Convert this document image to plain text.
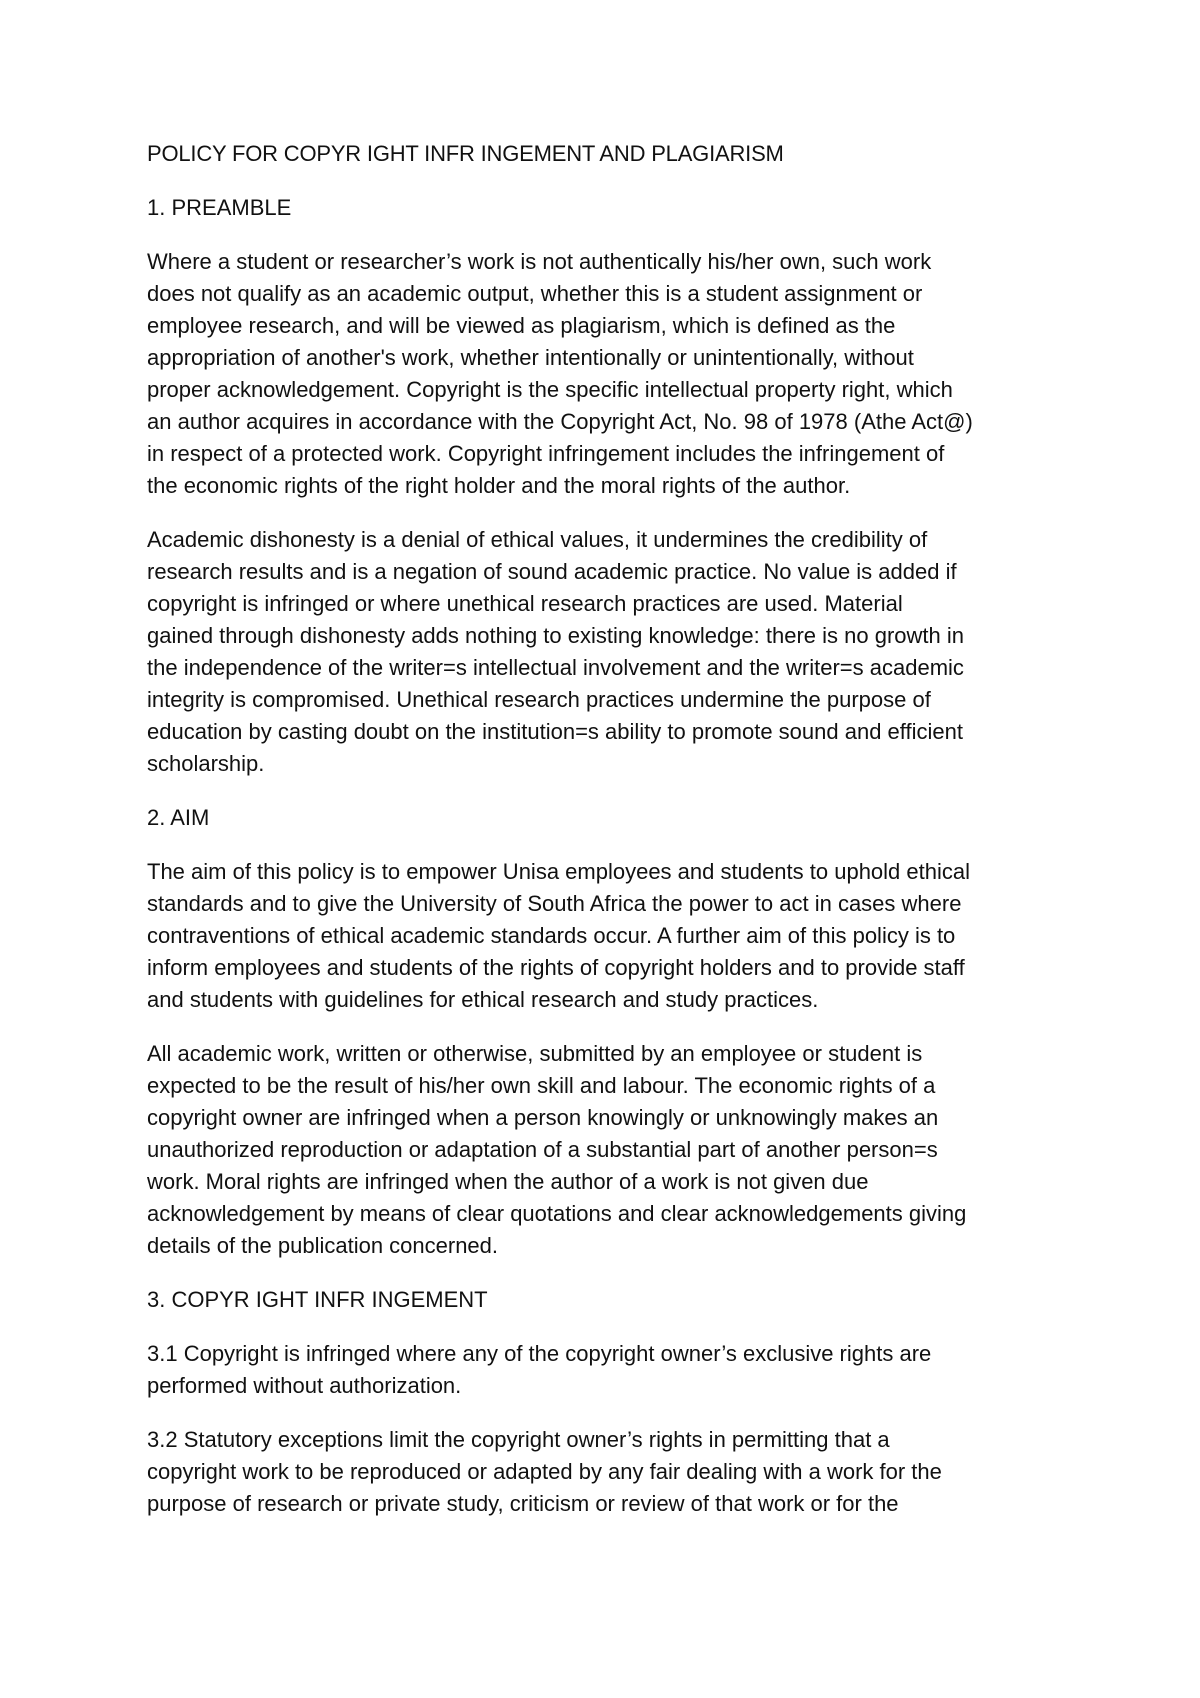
POLICY FOR COPYR IGHT INFR INGEMENT AND PLAGIARISM
1. PREAMBLE

Where a student or researcher’s work is not authentically his/her own, such work
does not qualify as an academic output, whether this is a student assignment or
employee research, and will be viewed as plagiarism, which is defined as the
appropriation of another's work, whether intentionally or unintentionally, without
proper acknowledgement. Copyright is the specific intellectual property right, which
an author acquires in accordance with the Copyright Act, No. 98 of 1978 (Athe Act@)
in respect of a protected work. Copyright infringement includes the infringement of
the economic rights of the right holder and the moral rights of the author.

Academic dishonesty is a denial of ethical values, it undermines the credibility of
research results and is a negation of sound academic practice. No value is added if
copyright is infringed or where unethical research practices are used. Material
gained through dishonesty adds nothing to existing knowledge: there is no growth in
the independence of the writer=s intellectual involvement and the writer=s academic
integrity is compromised. Unethical research practices undermine the purpose of
education by casting doubt on the institution=s ability to promote sound and efficient
scholarship.

2. AIM

The aim of this policy is to empower Unisa employees and students to uphold ethical
standards and to give the University of South Africa the power to act in cases where
contraventions of ethical academic standards occur. A further aim of this policy is to
inform employees and students of the rights of copyright holders and to provide staff
and students with guidelines for ethical research and study practices.

All academic work, written or otherwise, submitted by an employee or student is
expected to be the result of his/her own skill and labour. The economic rights of a
copyright owner are infringed when a person knowingly or unknowingly makes an
unauthorized reproduction or adaptation of a substantial part of another person=s
work. Moral rights are infringed when the author of a work is not given due
acknowledgement by means of clear quotations and clear acknowledgements giving
details of the publication concerned.

3. COPYR IGHT INFR INGEMENT

3.1 Copyright is infringed where any of the copyright owner’s exclusive rights are
performed without authorization.

3.2 Statutory exceptions limit the copyright owner’s rights in permitting that a
copyright work to be reproduced or adapted by any fair dealing with a work for the
purpose of research or private study, criticism or review of that work or for the
